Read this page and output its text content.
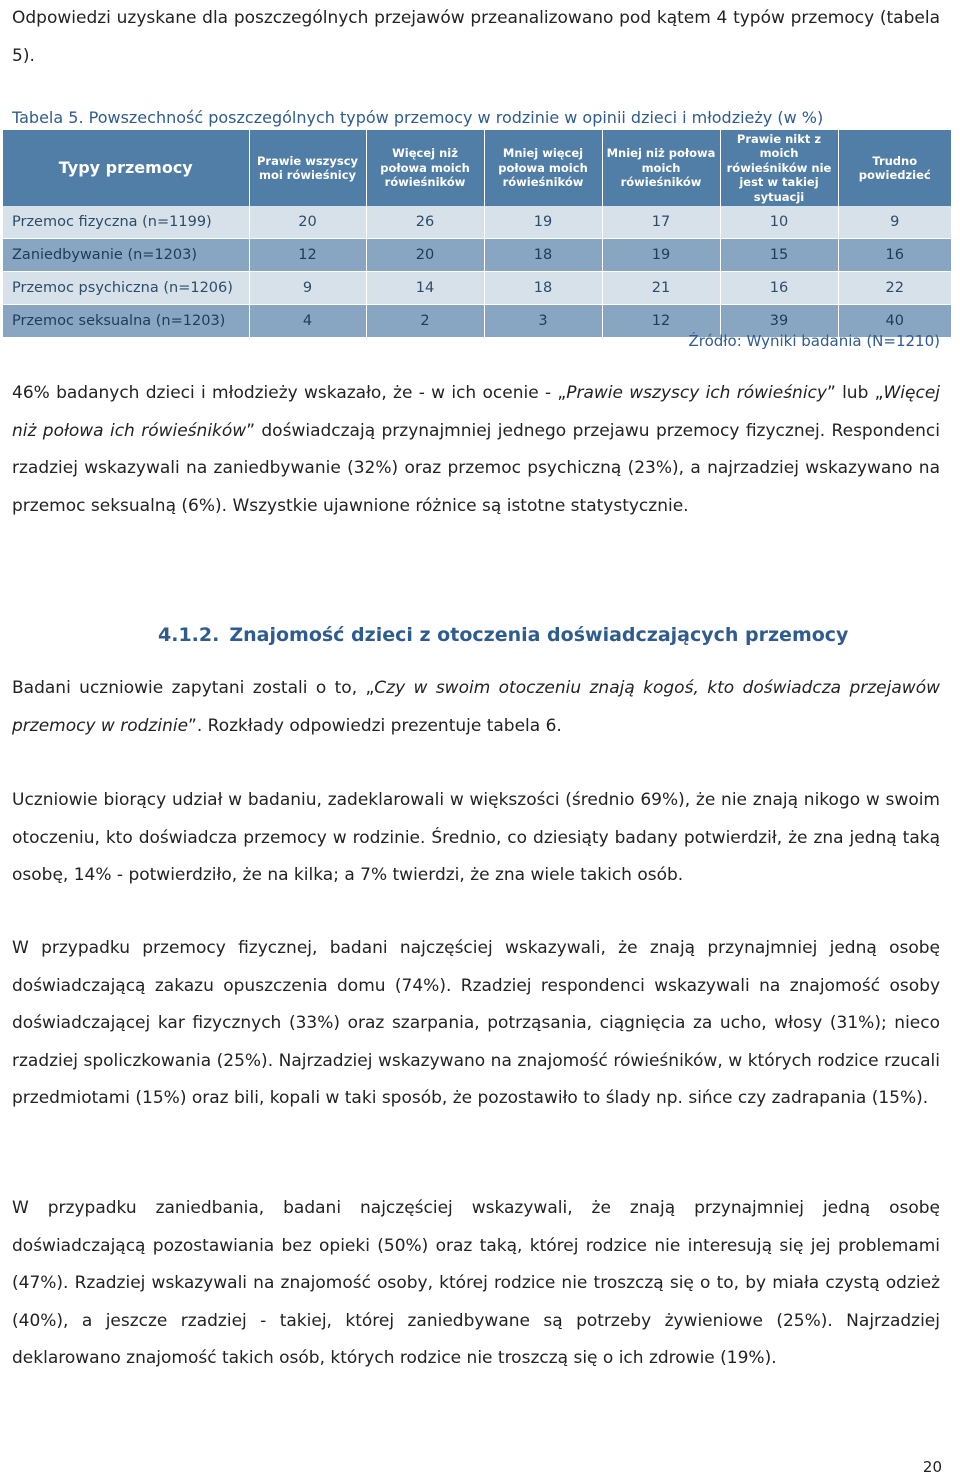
Odpowiedzi uzyskane dla poszczególnych przejawów przeanalizowano pod kątem 4 typów przemocy (tabela 5).

Tabela 5. Powszechność poszczególnych typów przemocy w rodzinie w opinii dzieci i młodzieży (w %)
Typy przemocy	Prawie wszyscy moi rówieśnicy	Więcej niż połowa moich rówieśników	Mniej więcej połowa moich rówieśników	Mniej niż połowa moich rówieśników	Prawie nikt z moich rówieśników nie jest w takiej sytuacji	Trudno powiedzieć
Przemoc fizyczna (n=1199)	20	26	19	17	10	9
Zaniedbywanie (n=1203)	12	20	18	19	15	16
Przemoc psychiczna (n=1206)	9	14	18	21	16	22
Przemoc seksualna (n=1203)	4	2	3	12	39	40
Źródło: Wyniki badania (N=1210)

46% badanych dzieci i młodzieży wskazało, że - w ich ocenie - „Prawie wszyscy ich rówieśnicy” lub „Więcej niż połowa ich rówieśników” doświadczają przynajmniej jednego przejawu przemocy fizycznej. Respondenci rzadziej wskazywali na zaniedbywanie (32%) oraz przemoc psychiczną (23%), a najrzadziej wskazywano na przemoc seksualną (6%). Wszystkie ujawnione różnice są istotne statystycznie.

4.1.2. Znajomość dzieci z otoczenia doświadczających przemocy

Badani uczniowie zapytani zostali o to, „Czy w swoim otoczeniu znają kogoś, kto doświadcza przejawów przemocy w rodzinie”. Rozkłady odpowiedzi prezentuje tabela 6.

Uczniowie biorący udział w badaniu, zadeklarowali w większości (średnio 69%), że nie znają nikogo w swoim otoczeniu, kto doświadcza przemocy w rodzinie. Średnio, co dziesiąty badany potwierdził, że zna jedną taką osobę, 14% - potwierdziło, że na kilka; a 7% twierdzi, że zna wiele takich osób.

W przypadku przemocy fizycznej, badani najczęściej wskazywali, że znają przynajmniej jedną osobę doświadczającą zakazu opuszczenia domu (74%). Rzadziej respondenci wskazywali na znajomość osoby doświadczającej kar fizycznych (33%) oraz szarpania, potrząsania, ciągnięcia za ucho, włosy (31%); nieco rzadziej spoliczkowania (25%). Najrzadziej wskazywano na znajomość rówieśników, w których rodzice rzucali przedmiotami (15%) oraz bili, kopali w taki sposób, że pozostawiło to ślady np. sińce czy zadrapania (15%).

W przypadku zaniedbania, badani najczęściej wskazywali, że znają przynajmniej jedną osobę doświadczającą pozostawiania bez opieki (50%) oraz taką, której rodzice nie interesują się jej problemami (47%). Rzadziej wskazywali na znajomość osoby, której rodzice nie troszczą się o to, by miała czystą odzież (40%), a jeszcze rzadziej - takiej, której zaniedbywane są potrzeby żywieniowe (25%). Najrzadziej deklarowano znajomość takich osób, których rodzice nie troszczą się o ich zdrowie (19%).

20
